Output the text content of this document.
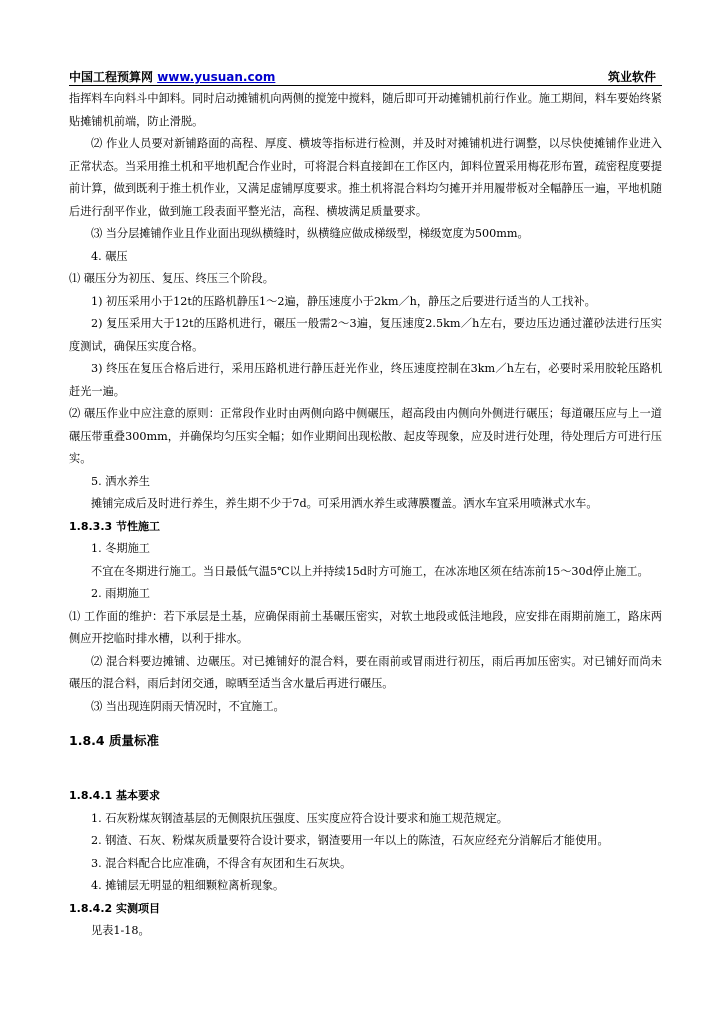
中国工程预算网 www.yusuan.com	筑业软件

指挥料车向料斗中卸料。同时启动摊铺机向两侧的搅笼中搅料，随后即可开动摊铺机前行作业。施工期间，料车要始终紧贴摊铺机前端，防止滑脱。

⑵ 作业人员要对新铺路面的高程、厚度、横坡等指标进行检测，并及时对摊铺机进行调整，以尽快使摊铺作业进入正常状态。当采用推土机和平地机配合作业时，可将混合料直接卸在工作区内，卸料位置采用梅花形布置，疏密程度要提前计算，做到既利于推土机作业，又满足虚铺厚度要求。推土机将混合料均匀摊开并用履带板对全幅静压一遍，平地机随后进行刮平作业，做到施工段表面平整光洁，高程、横坡满足质量要求。

⑶ 当分层摊铺作业且作业面出现纵横缝时，纵横缝应做成梯级型，梯级宽度为500mm。

4. 碾压

⑴ 碾压分为初压、复压、终压三个阶段。

1) 初压采用小于12t的压路机静压1～2遍，静压速度小于2km／h，静压之后要进行适当的人工找补。

2) 复压采用大于12t的压路机进行，碾压一般需2～3遍，复压速度2.5km／h左右，要边压边通过灌砂法进行压实度测试，确保压实度合格。

3) 终压在复压合格后进行，采用压路机进行静压赶光作业，终压速度控制在3km／h左右，必要时采用胶轮压路机赶光一遍。

⑵ 碾压作业中应注意的原则：正常段作业时由两侧向路中侧碾压，超高段由内侧向外侧进行碾压；每道碾压应与上一道碾压带重叠300mm，并确保均匀压实全幅；如作业期间出现松散、起皮等现象，应及时进行处理，待处理后方可进行压实。

5. 洒水养生

摊铺完成后及时进行养生，养生期不少于7d。可采用洒水养生或薄膜覆盖。洒水车宜采用喷淋式水车。

1.8.3.3 节性施工

1. 冬期施工

不宜在冬期进行施工。当日最低气温5℃以上并持续15d时方可施工，在冰冻地区须在结冻前15～30d停止施工。

2. 雨期施工

⑴ 工作面的维护：若下承层是土基，应确保雨前土基碾压密实，对软土地段或低洼地段，应安排在雨期前施工，路床两侧应开挖临时排水槽，以利于排水。

⑵ 混合料要边摊铺、边碾压。对已摊铺好的混合料，要在雨前或冒雨进行初压，雨后再加压密实。对已铺好而尚未碾压的混合料，雨后封闭交通，晾晒至适当含水量后再进行碾压。

⑶ 当出现连阴雨天情况时，不宜施工。

1.8.4 质量标准

1.8.4.1 基本要求

1. 石灰粉煤灰钢渣基层的无侧限抗压强度、压实度应符合设计要求和施工规范规定。

2. 钢渣、石灰、粉煤灰质量要符合设计要求，钢渣要用一年以上的陈渣，石灰应经充分消解后才能使用。

3. 混合料配合比应准确，不得含有灰团和生石灰块。

4. 摊铺层无明显的粗细颗粒离析现象。

1.8.4.2 实测项目

见表1-18。
